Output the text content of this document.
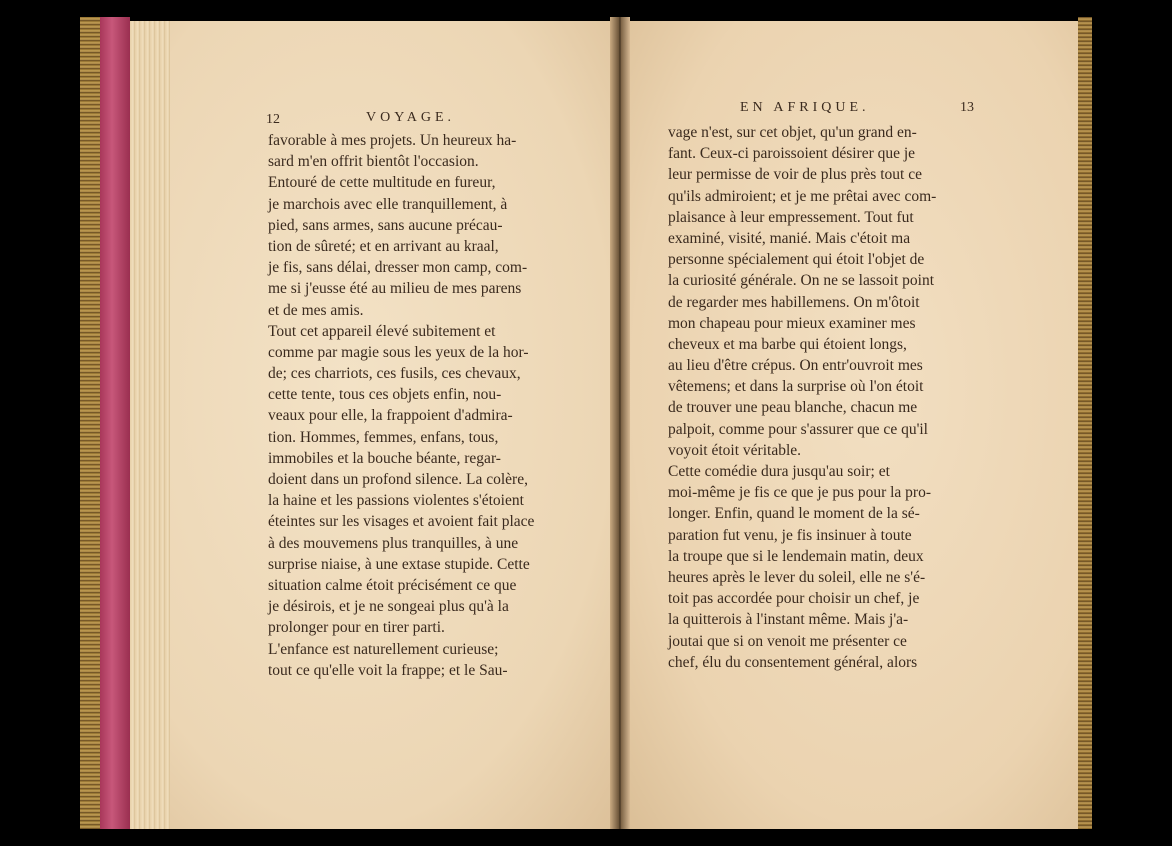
12	VOYAGE.
EN AFRIQUE.	13
favorable à mes projets. Un heureux ha-
sard m'en offrit bientôt l'occasion.
Entouré de cette multitude en fureur,
je marchois avec elle tranquillement, à
pied, sans armes, sans aucune précau-
tion de sûreté; et en arrivant au kraal,
je fis, sans délai, dresser mon camp, com-
me si j'eusse été au milieu de mes parens
et de mes amis.
Tout cet appareil élevé subitement et
comme par magie sous les yeux de la hor-
de; ces charriots, ces fusils, ces chevaux,
cette tente, tous ces objets enfin, nou-
veaux pour elle, la frappoient d'admira-
tion. Hommes, femmes, enfans, tous,
immobiles et la bouche béante, regar-
doient dans un profond silence. La colère,
la haine et les passions violentes s'étoient
éteintes sur les visages et avoient fait place
à des mouvemens plus tranquilles, à une
surprise niaise, à une extase stupide. Cette
situation calme étoit précisément ce que
je désirois, et je ne songeai plus qu'à la
prolonger pour en tirer parti.
L'enfance est naturellement curieuse;
tout ce qu'elle voit la frappe; et le Sau-
vage n'est, sur cet objet, qu'un grand en-
fant. Ceux-ci paroissoient désirer que je
leur permisse de voir de plus près tout ce
qu'ils admiroient; et je me prêtai avec com-
plaisance à leur empressement. Tout fut
examiné, visité, manié. Mais c'étoit ma
personne spécialement qui étoit l'objet de
la curiosité générale. On ne se lassoit point
de regarder mes habillemens. On m'ôtoit
mon chapeau pour mieux examiner mes
cheveux et ma barbe qui étoient longs,
au lieu d'être crépus. On entr'ouvroit mes
vêtemens; et dans la surprise où l'on étoit
de trouver une peau blanche, chacun me
palpoit, comme pour s'assurer que ce qu'il
voyoit étoit véritable.
Cette comédie dura jusqu'au soir; et
moi-même je fis ce que je pus pour la pro-
longer. Enfin, quand le moment de la sé-
paration fut venu, je fis insinuer à toute
la troupe que si le lendemain matin, deux
heures après le lever du soleil, elle ne s'é-
toit pas accordée pour choisir un chef, je
la quitterois à l'instant même. Mais j'a-
joutai que si on venoit me présenter ce
chef, élu du consentement général, alors
